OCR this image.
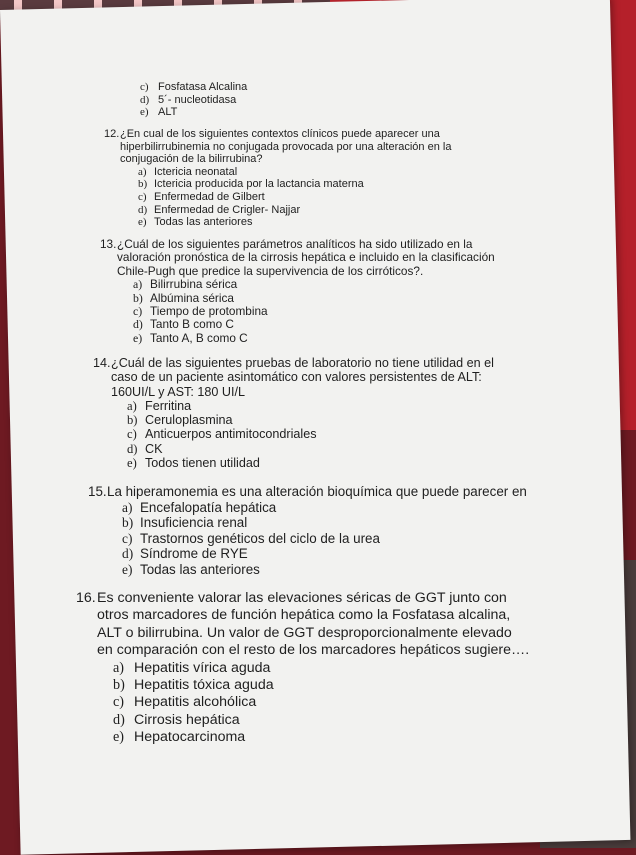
c) Fosfatasa Alcalina
d) 5´- nucleotidasa
e) ALT
12. ¿En cual de los siguientes contextos clínicos puede aparecer una hiperbilirrubinemia no conjugada provocada por una alteración en la conjugación de la bilirrubina?
a) Ictericia neonatal
b) Ictericia producida por la lactancia materna
c) Enfermedad de Gilbert
d) Enfermedad de Crigler- Najjar
e) Todas las anteriores
13. ¿Cuál de los siguientes parámetros analíticos ha sido utilizado en la valoración pronóstica de la cirrosis hepática e incluido en la clasificación Chile-Pugh que predice la supervivencia de los cirróticos?.
a) Bilirrubina sérica
b) Albúmina sérica
c) Tiempo de protombina
d) Tanto B como C
e) Tanto A, B como C
14. ¿Cuál de las siguientes pruebas de laboratorio no tiene utilidad en el caso de un paciente asintomático con valores persistentes de ALT: 160UI/L y AST: 180 UI/L
a) Ferritina
b) Ceruloplasmina
c) Anticuerpos antimitocondriales
d) CK
e) Todos tienen utilidad
15. La hiperamonemia es una alteración bioquímica que puede parecer en
a) Encefalopatía hepática
b) Insuficiencia renal
c) Trastornos genéticos del ciclo de la urea
d) Síndrome de RYE
e) Todas las anteriores
16. Es conveniente valorar las elevaciones séricas de GGT junto con otros marcadores de función hepática como la Fosfatasa alcalina, ALT o bilirrubina. Un valor de GGT desproporcionalmente elevado en comparación con el resto de los marcadores hepáticos sugiere….
a) Hepatitis vírica aguda
b) Hepatitis tóxica aguda
c) Hepatitis alcohólica
d) Cirrosis hepática
e) Hepatocarcinoma
